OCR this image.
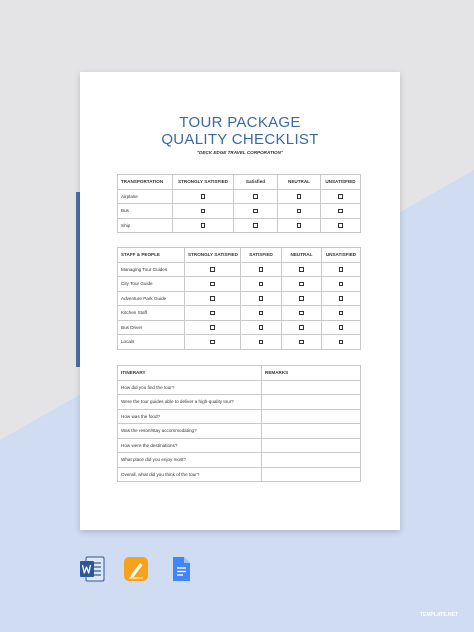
TOUR PACKAGE
QUALITY CHECKLIST
"DECK EDGE TRAVEL CORPORATION"
TRANSPORTATION	STRONGLY SATISFIED	Satisfied	NEUTRAL	UNSATISFIED
Airplane				
Bus				
Ship				
STAFF & PEOPLE	STRONGLY SATISFIED	SATISFIED	NEUTRAL	UNSATISFIED
Managing Tour Guides				
City Tour Guide				
Adventure Park Guide				
Kitchen Staff				
Bus Driver				
Locals				
ITINERARY	REMARKS
How did you find the tour?	
Were the tour guides able to deliver a high-quality tour?	
How was the food?	
Was the resort/stay accommodating?	
How were the destinations?	
What place did you enjoy most?	
Overall, what did you think of the tour?	
TEMPLATE.NET
